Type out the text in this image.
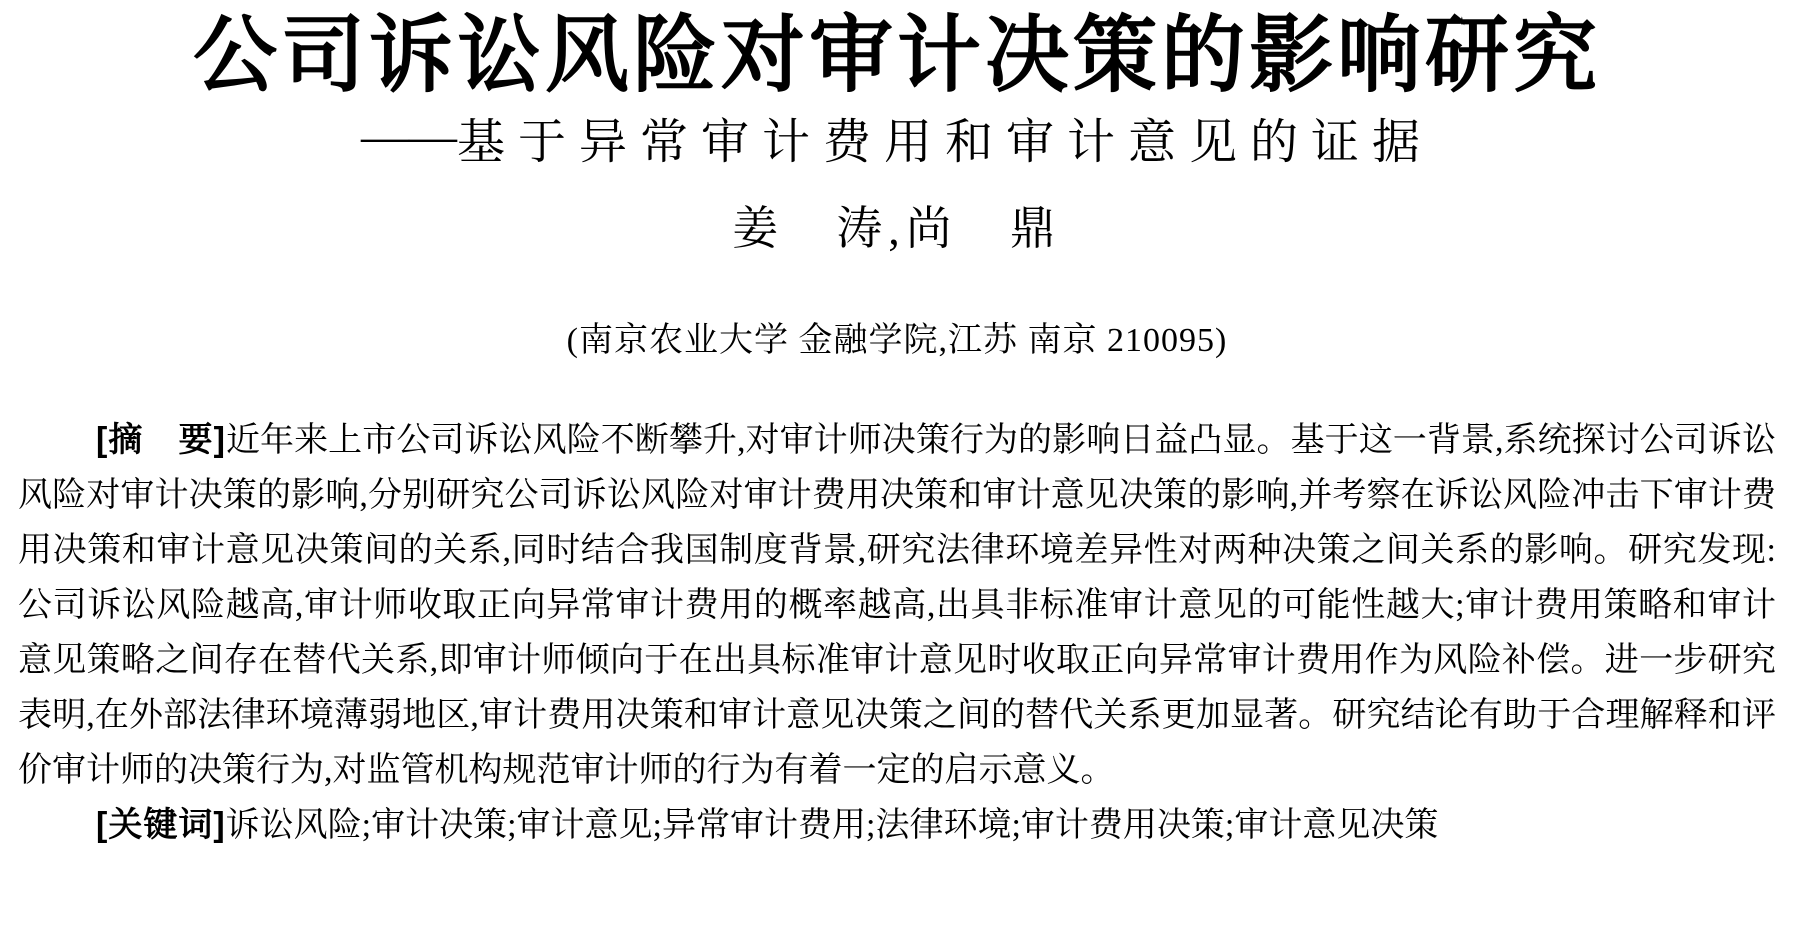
公司诉讼风险对审计决策的影响研究
——基于异常审计费用和审计意见的证据
姜　涛,尚　鼎
(南京农业大学 金融学院,江苏 南京 210095)

[摘　要]近年来上市公司诉讼风险不断攀升,对审计师决策行为的影响日益凸显。基于这一背景,系统探讨公司诉讼风险对审计决策的影响,分别研究公司诉讼风险对审计费用决策和审计意见决策的影响,并考察在诉讼风险冲击下审计费用决策和审计意见决策间的关系,同时结合我国制度背景,研究法律环境差异性对两种决策之间关系的影响。研究发现:公司诉讼风险越高,审计师收取正向异常审计费用的概率越高,出具非标准审计意见的可能性越大;审计费用策略和审计意见策略之间存在替代关系,即审计师倾向于在出具标准审计意见时收取正向异常审计费用作为风险补偿。进一步研究表明,在外部法律环境薄弱地区,审计费用决策和审计意见决策之间的替代关系更加显著。研究结论有助于合理解释和评价审计师的决策行为,对监管机构规范审计师的行为有着一定的启示意义。

[关键词]诉讼风险;审计决策;审计意见;异常审计费用;法律环境;审计费用决策;审计意见决策
